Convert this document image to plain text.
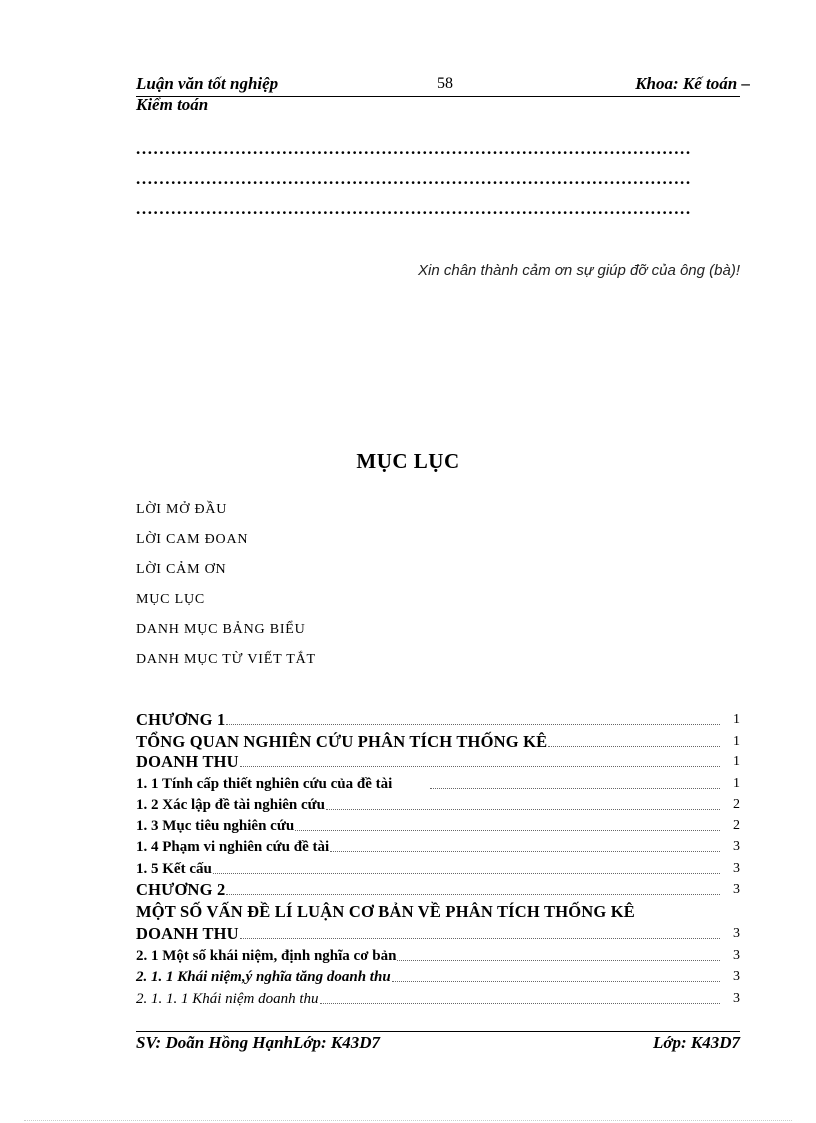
Luận văn tốt nghiệp	58	Khoa: Kế toán –
Kiểm toán
...............................................................................................
...............................................................................................
...............................................................................................
Xin chân thành cảm ơn sự giúp đỡ của ông (bà)!
MỤC LỤC
LỜI MỞ ĐẦU
LỜI CAM ĐOAN
LỜI CẢM ƠN
MỤC LỤC
DANH MỤC BẢNG BIỂU
DANH MỤC TỪ VIẾT TẮT
CHƯƠNG 1	1
TỔNG QUAN NGHIÊN CỨU PHÂN TÍCH THỐNG KÊ	1
DOANH THU	1
1. 1 Tính cấp thiết nghiên cứu của đề tài	1
1. 2 Xác lập đề tài nghiên cứu	2
1. 3 Mục tiêu nghiên cứu	2
1. 4 Phạm vi nghiên cứu đề tài	3
1. 5 Kết cấu	3
CHƯƠNG 2	3
MỘT SỐ VẤN ĐỀ LÍ LUẬN CƠ BẢN VỀ PHÂN TÍCH THỐNG KÊ
DOANH THU	3
2. 1 Một số khái niệm, định nghĩa cơ bản	3
2. 1. 1 Khái niệm,ý nghĩa tăng doanh thu	3
2. 1. 1. 1 Khái niệm doanh thu	3
SV: Doãn Hồng HạnhLớp: K43D7	Lớp: K43D7
